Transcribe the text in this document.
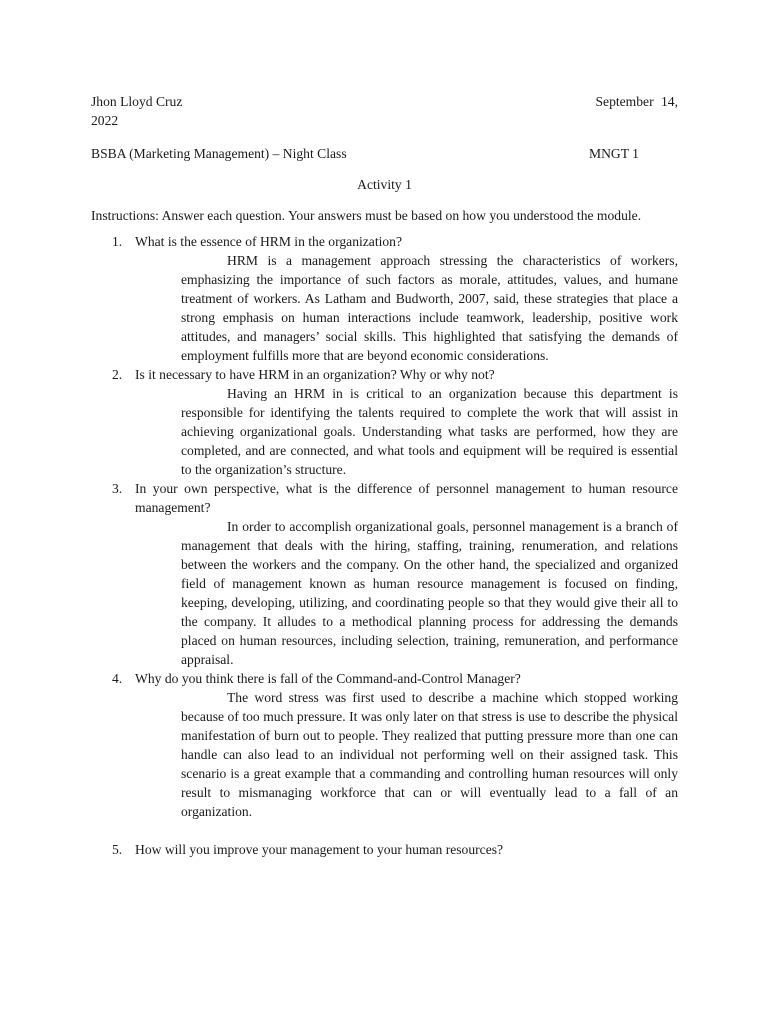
Jhon Lloyd Cruz	September 14,
2022
BSBA (Marketing Management) – Night Class	MNGT 1
Activity 1
Instructions: Answer each question. Your answers must be based on how you understood the module.
1. What is the essence of HRM in the organization?
HRM is a management approach stressing the characteristics of workers, emphasizing the importance of such factors as morale, attitudes, values, and humane treatment of workers. As Latham and Budworth, 2007, said, these strategies that place a strong emphasis on human interactions include teamwork, leadership, positive work attitudes, and managers’ social skills. This highlighted that satisfying the demands of employment fulfills more that are beyond economic considerations.
2. Is it necessary to have HRM in an organization? Why or why not?
Having an HRM in is critical to an organization because this department is responsible for identifying the talents required to complete the work that will assist in achieving organizational goals. Understanding what tasks are performed, how they are completed, and are connected, and what tools and equipment will be required is essential to the organization’s structure.
3. In your own perspective, what is the difference of personnel management to human resource management?
In order to accomplish organizational goals, personnel management is a branch of management that deals with the hiring, staffing, training, renumeration, and relations between the workers and the company. On the other hand, the specialized and organized field of management known as human resource management is focused on finding, keeping, developing, utilizing, and coordinating people so that they would give their all to the company. It alludes to a methodical planning process for addressing the demands placed on human resources, including selection, training, remuneration, and performance appraisal.
4. Why do you think there is fall of the Command-and-Control Manager?
The word stress was first used to describe a machine which stopped working because of too much pressure. It was only later on that stress is use to describe the physical manifestation of burn out to people. They realized that putting pressure more than one can handle can also lead to an individual not performing well on their assigned task. This scenario is a great example that a commanding and controlling human resources will only result to mismanaging workforce that can or will eventually lead to a fall of an organization.
5. How will you improve your management to your human resources?
